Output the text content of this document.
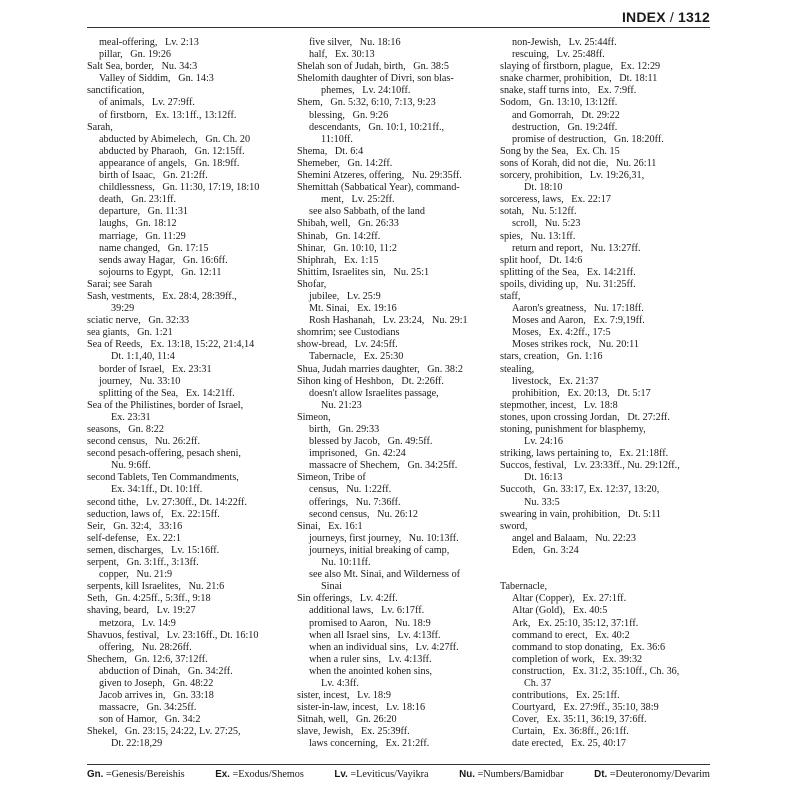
INDEX / 1312
meal-offering,   Lv. 2:13
pillar,   Gn. 19:26
Salt Sea, border,   Nu. 34:3
Valley of Siddim,   Gn. 14:3
sanctification,
of animals,   Lv. 27:9ff.
of firstborn,   Ex. 13:1ff., 13:12ff.
Sarah,
abducted by Abimelech,   Gn. Ch. 20
abducted by Pharaoh,   Gn. 12:15ff.
appearance of angels,   Gn. 18:9ff.
birth of Isaac,   Gn. 21:2ff.
childlessness,   Gn. 11:30, 17:19, 18:10
death,   Gn. 23:1ff.
departure,   Gn. 11:31
laughs,   Gn. 18:12
marriage,   Gn. 11:29
name changed,   Gn. 17:15
sends away Hagar,   Gn. 16:6ff.
sojourns to Egypt,   Gn. 12:11
Sarai; see Sarah
Sash, vestments,   Ex. 28:4, 28:39ff.,
39:29
sciatic nerve,   Gn. 32:33
sea giants,   Gn. 1:21
Sea of Reeds,   Ex. 13:18, 15:22, 21:4,14
Dt. 1:1,40, 11:4
border of Israel,   Ex. 23:31
journey,   Nu. 33:10
splitting of the Sea,   Ex. 14:21ff.
Sea of the Philistines, border of Israel,
Ex. 23:31
seasons,   Gn. 8:22
second census,   Nu. 26:2ff.
second pesach-offering, pesach sheni,
Nu. 9:6ff.
second Tablets, Ten Commandments,
Ex. 34:1ff., Dt. 10:1ff.
second tithe,   Lv. 27:30ff., Dt. 14:22ff.
seduction, laws of,   Ex. 22:15ff.
Seir,   Gn. 32:4,   33:16
self-defense,   Ex. 22:1
semen, discharges,   Lv. 15:16ff.
serpent,   Gn. 3:1ff., 3:13ff.
copper,   Nu. 21:9
serpents, kill Israelites,   Nu. 21:6
Seth,   Gn. 4:25ff., 5:3ff., 9:18
shaving, beard,   Lv. 19:27
metzora,   Lv. 14:9
Shavuos, festival,   Lv. 23:16ff., Dt. 16:10
offering,   Nu. 28:26ff.
Shechem,   Gn. 12:6, 37:12ff.
abduction of Dinah,   Gn. 34:2ff.
given to Joseph,   Gn. 48:22
Jacob arrives in,   Gn. 33:18
massacre,   Gn. 34:25ff.
son of Hamor,   Gn. 34:2
Shekel,   Gn. 23:15, 24:22, Lv. 27:25,
Dt. 22:18,29
five silver,   Nu. 18:16
half,   Ex. 30:13
Shelah son of Judah, birth,   Gn. 38:5
Shelomith daughter of Divri, son blas-
phemes,   Lv. 24:10ff.
Shem,   Gn. 5:32, 6:10, 7:13, 9:23
blessing,   Gn. 9:26
descendants,   Gn. 10:1, 10:21ff.,
11:10ff.
Shema,   Dt. 6:4
Shemeber,   Gn. 14:2ff.
Shemini Atzeres, offering,   Nu. 29:35ff.
Shemittah (Sabbatical Year), command-
ment,   Lv. 25:2ff.
see also Sabbath, of the land
Shibah, well,   Gn. 26:33
Shinab,   Gn. 14:2ff.
Shinar,   Gn. 10:10, 11:2
Shiphrah,   Ex. 1:15
Shittim, Israelites sin,   Nu. 25:1
Shofar,
jubilee,   Lv. 25:9
Mt. Sinai,   Ex. 19:16
Rosh Hashanah,   Lv. 23:24,   Nu. 29:1
shomrim; see Custodians
show-bread,   Lv. 24:5ff.
Tabernacle,   Ex. 25:30
Shua, Judah marries daughter,   Gn. 38:2
Sihon king of Heshbon,   Dt. 2:26ff.
doesn't allow Israelites passage,
Nu. 21:23
Simeon,
birth,   Gn. 29:33
blessed by Jacob,   Gn. 49:5ff.
imprisoned,   Gn. 42:24
massacre of Shechem,   Gn. 34:25ff.
Simeon, Tribe of
census,   Nu. 1:22ff.
offerings,   Nu. 7:36ff.
second census,   Nu. 26:12
Sinai,   Ex. 16:1
journeys, first journey,   Nu. 10:13ff.
journeys, initial breaking of camp,
Nu. 10:11ff.
see also Mt. Sinai, and Wilderness of
Sinai
Sin offerings,   Lv. 4:2ff.
additional laws,   Lv. 6:17ff.
promised to Aaron,   Nu. 18:9
when all Israel sins,   Lv. 4:13ff.
when an individual sins,   Lv. 4:27ff.
when a ruler sins,   Lv. 4:13ff.
when the anointed kohen sins,
Lv. 4:3ff.
sister, incest,   Lv. 18:9
sister-in-law, incest,   Lv. 18:16
Sitnah, well,   Gn. 26:20
slave, Jewish,   Ex. 25:39ff.
laws concerning,   Ex. 21:2ff.
non-Jewish,   Lv. 25:44ff.
rescuing,   Lv. 25:48ff.
slaying of firstborn, plague,   Ex. 12:29
snake charmer, prohibition,   Dt. 18:11
snake, staff turns into,   Ex. 7:9ff.
Sodom,   Gn. 13:10, 13:12ff.
and Gomorrah,   Dt. 29:22
destruction,   Gn. 19:24ff.
promise of destruction,   Gn. 18:20ff.
Song by the Sea,   Ex. Ch. 15
sons of Korah, did not die,   Nu. 26:11
sorcery, prohibition,   Lv. 19:26,31,
Dt. 18:10
sorceress, laws,   Ex. 22:17
sotah,   Nu. 5:12ff.
scroll,   Nu. 5:23
spies,   Nu. 13:1ff.
return and report,   Nu. 13:27ff.
split hoof,   Dt. 14:6
splitting of the Sea,   Ex. 14:21ff.
spoils, dividing up,   Nu. 31:25ff.
staff,
Aaron's greatness,   Nu. 17:18ff.
Moses and Aaron,   Ex. 7:9,19ff.
Moses,   Ex. 4:2ff., 17:5
Moses strikes rock,   Nu. 20:11
stars, creation,   Gn. 1:16
stealing,
livestock,   Ex. 21:37
prohibition,   Ex. 20:13,   Dt. 5:17
stepmother, incest,   Lv. 18:8
stones, upon crossing Jordan,   Dt. 27:2ff.
stoning, punishment for blasphemy,
Lv. 24:16
striking, laws pertaining to,   Ex. 21:18ff.
Succos, festival,   Lv. 23:33ff., Nu. 29:12ff.,
Dt. 16:13
Succoth,   Gn. 33:17, Ex. 12:37, 13:20,
Nu. 33:5
swearing in vain, prohibition,   Dt. 5:11
sword,
angel and Balaam,   Nu. 22:23
Eden,   Gn. 3:24

Tabernacle,
Altar (Copper),   Ex. 27:1ff.
Altar (Gold),   Ex. 40:5
Ark,   Ex. 25:10, 35:12, 37:1ff.
command to erect,   Ex. 40:2
command to stop donating,   Ex. 36:6
completion of work,   Ex. 39:32
construction,   Ex. 31:2, 35:10ff., Ch. 36,
Ch. 37
contributions,   Ex. 25:1ff.
Courtyard,   Ex. 27:9ff., 35:10, 38:9
Cover,   Ex. 35:11, 36:19, 37:6ff.
Curtain,   Ex. 36:8ff., 26:1ff.
date erected,   Ex. 25, 40:17
Gn. =Genesis/Bereishis	Ex. =Exodus/Shemos	Lv. =Leviticus/Vayikra	Nu. =Numbers/Bamidbar	Dt. =Deuteronomy/Devarim
